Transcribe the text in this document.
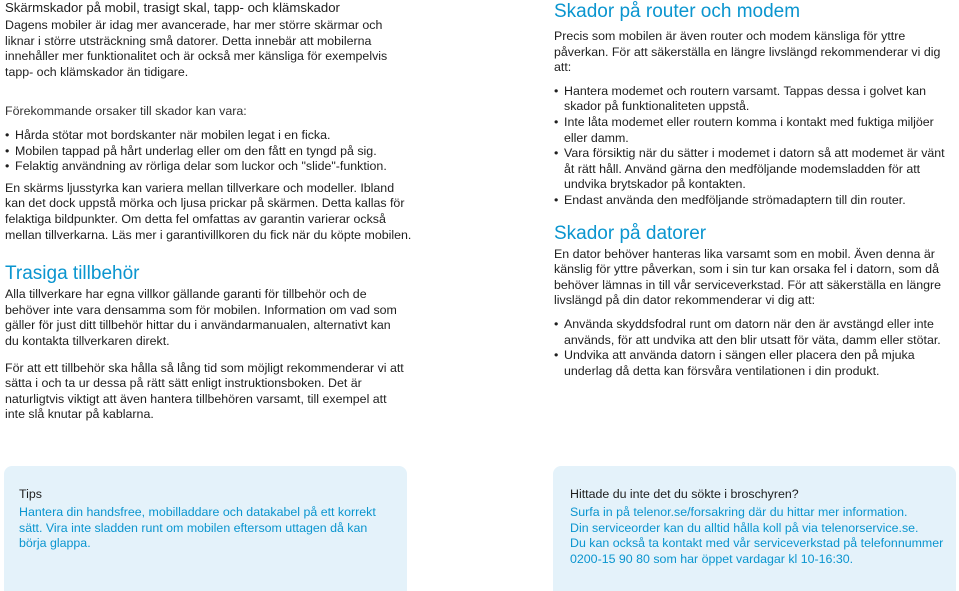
Skärmskador på mobil, trasigt skal, tapp- och klämskador

Dagens mobiler är idag mer avancerade, har mer större skärmar och liknar i större utsträckning små datorer. Detta innebär att mobilerna innehåller mer funktionalitet och är också mer känsliga för exempelvis tapp- och klämskador än tidigare.

Förekommande orsaker till skador kan vara:

• Hårda stötar mot bordskanter när mobilen legat i en ficka.
• Mobilen tappad på hårt underlag eller om den fått en tyngd på sig.
• Felaktig användning av rörliga delar som luckor och "slide"-funktion.

En skärms ljusstyrka kan variera mellan tillverkare och modeller. Ibland kan det dock uppstå mörka och ljusa prickar på skärmen. Detta kallas för felaktiga bildpunkter. Om detta fel omfattas av garantin varierar också mellan tillverkarna. Läs mer i garantivillkoren du fick när du köpte mobilen.

Trasiga tillbehör

Alla tillverkare har egna villkor gällande garanti för tillbehör och de behöver inte vara densamma som för mobilen. Information om vad som gäller för just ditt tillbehör hittar du i användarmanualen, alternativt kan du kontakta tillverkaren direkt.

För att ett tillbehör ska hålla så lång tid som möjligt rekommenderar vi att sätta i och ta ur dessa på rätt sätt enligt instruktionsboken. Det är naturligtvis viktigt att även hantera tillbehören varsamt, till exempel att inte slå knutar på kablarna.

Skador på router och modem

Precis som mobilen är även router och modem känsliga för yttre påverkan. För att säkerställa en längre livslängd rekommenderar vi dig att:

• Hantera modemet och routern varsamt. Tappas dessa i golvet kan skador på funktionaliteten uppstå.
• Inte låta modemet eller routern komma i kontakt med fuktiga miljöer eller damm.
• Vara försiktig när du sätter i modemet i datorn så att modemet är vänt åt rätt håll. Använd gärna den medföljande modemsladden för att undvika brytskador på kontakten.
• Endast använda den medföljande strömadaptern till din router.
Skador på datorer

En dator behöver hanteras lika varsamt som en mobil. Även denna är känslig för yttre påverkan, som i sin tur kan orsaka fel i datorn, som då behöver lämnas in till vår serviceverkstad. För att säkerställa en längre livslängd på din dator rekommenderar vi dig att:

• Använda skyddsfodral runt om datorn när den är avstängd eller inte används, för att undvika att den blir utsatt för väta, damm eller stötar.
• Undvika att använda datorn i sängen eller placera den på mjuka underlag då detta kan försvåra ventilationen i din produkt.
Tips

Hantera din handsfree, mobilladdare och datakabel på ett korrekt sätt. Vira inte sladden runt om mobilen eftersom uttagen då kan börja glappa.

Hittade du inte det du sökte i broschyren?

Surfa in på telenor.se/forsakring där du hittar mer information.

Din serviceorder kan du alltid hålla koll på via telenorservice.se.

Du kan också ta kontakt med vår serviceverkstad på telefonnummer

0200-15 90 80 som har öppet vardagar kl 10-16:30.
